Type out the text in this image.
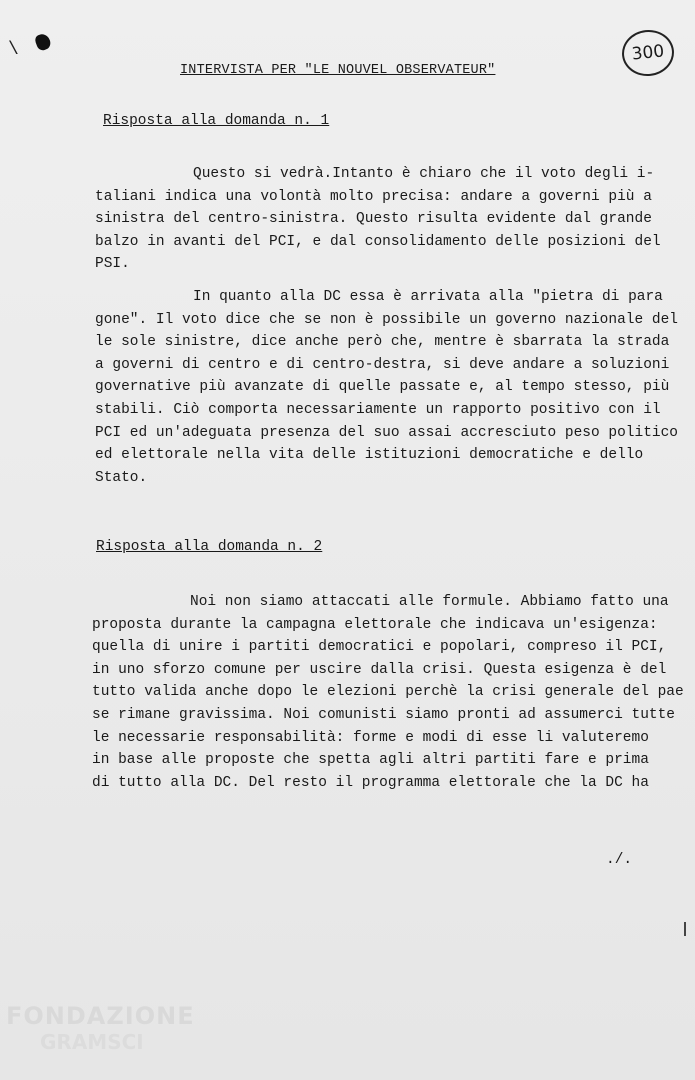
\	300
INTERVISTA PER "LE NOUVEL OBSERVATEUR"
Risposta alla domanda n. 1
Questo si vedrà.Intanto è chiaro che il voto degli i-
taliani indica una volontà molto precisa: andare a governi più a
sinistra del centro-sinistra. Questo risulta evidente dal grande
balzo in avanti del PCI, e dal consolidamento delle posizioni del
PSI.
In quanto alla DC essa è arrivata alla "pietra di para
gone". Il voto dice che se non è possibile un governo nazionale del
le sole sinistre, dice anche però che, mentre è sbarrata la strada
a governi di centro e di centro-destra, si deve andare a soluzioni
governative più avanzate di quelle passate e, al tempo stesso, più
stabili. Ciò comporta necessariamente un rapporto positivo con il
PCI ed un'adeguata presenza del suo assai accresciuto peso politico
ed elettorale nella vita delle istituzioni democratiche e dello
Stato.
Risposta alla domanda n. 2
Noi non siamo attaccati alle formule. Abbiamo fatto una
proposta durante la campagna elettorale che indicava un'esigenza:
quella di unire i partiti democratici e popolari, compreso il PCI,
in uno sforzo comune per uscire dalla crisi. Questa esigenza è del
tutto valida anche dopo le elezioni perchè la crisi generale del pae
se rimane gravissima. Noi comunisti siamo pronti ad assumerci tutte
le necessarie responsabilità: forme e modi di esse li valuteremo
in base alle proposte che spetta agli altri partiti fare e prima
di tutto alla DC. Del resto il programma elettorale che la DC ha
./.
FONDAZIONE
GRAMSCI
